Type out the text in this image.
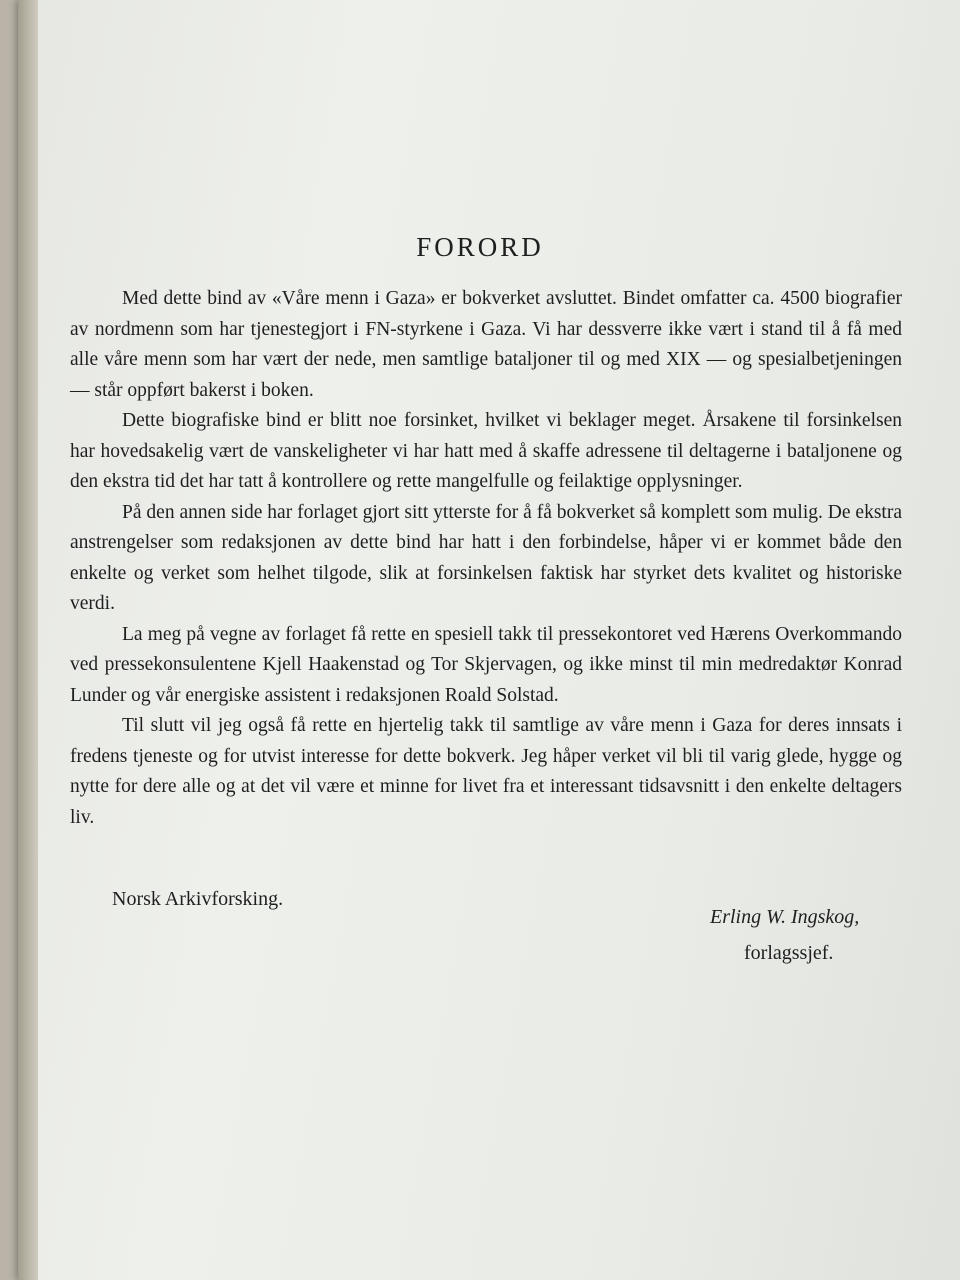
FORORD

Med dette bind av «Våre menn i Gaza» er bokverket avsluttet. Bindet omfatter ca. 4500 biografier av nordmenn som har tjenestegjort i FN-styrkene i Gaza. Vi har dessverre ikke vært i stand til å få med alle våre menn som har vært der nede, men samtlige bataljoner til og med XIX — og spesialbetjeningen — står oppført bakerst i boken.

Dette biografiske bind er blitt noe forsinket, hvilket vi beklager meget. Årsakene til forsinkelsen har hovedsakelig vært de vanskeligheter vi har hatt med å skaffe adressene til deltagerne i bataljonene og den ekstra tid det har tatt å kontrollere og rette mangelfulle og feilaktige opplysninger.

På den annen side har forlaget gjort sitt ytterste for å få bokverket så komplett som mulig. De ekstra anstrengelser som redaksjonen av dette bind har hatt i den forbindelse, håper vi er kommet både den enkelte og verket som helhet tilgode, slik at forsinkelsen faktisk har styrket dets kvalitet og historiske verdi.

La meg på vegne av forlaget få rette en spesiell takk til pressekontoret ved Hærens Overkommando ved pressekonsulentene Kjell Haakenstad og Tor Skjervagen, og ikke minst til min medredaktør Konrad Lunder og vår energiske assistent i redaksjonen Roald Solstad.

Til slutt vil jeg også få rette en hjertelig takk til samtlige av våre menn i Gaza for deres innsats i fredens tjeneste og for utvist interesse for dette bokverk. Jeg håper verket vil bli til varig glede, hygge og nytte for dere alle og at det vil være et minne for livet fra et interessant tidsavsnitt i den enkelte deltagers liv.

Norsk Arkivforsking.
Erling W. Ingskog,
forlagssjef.
